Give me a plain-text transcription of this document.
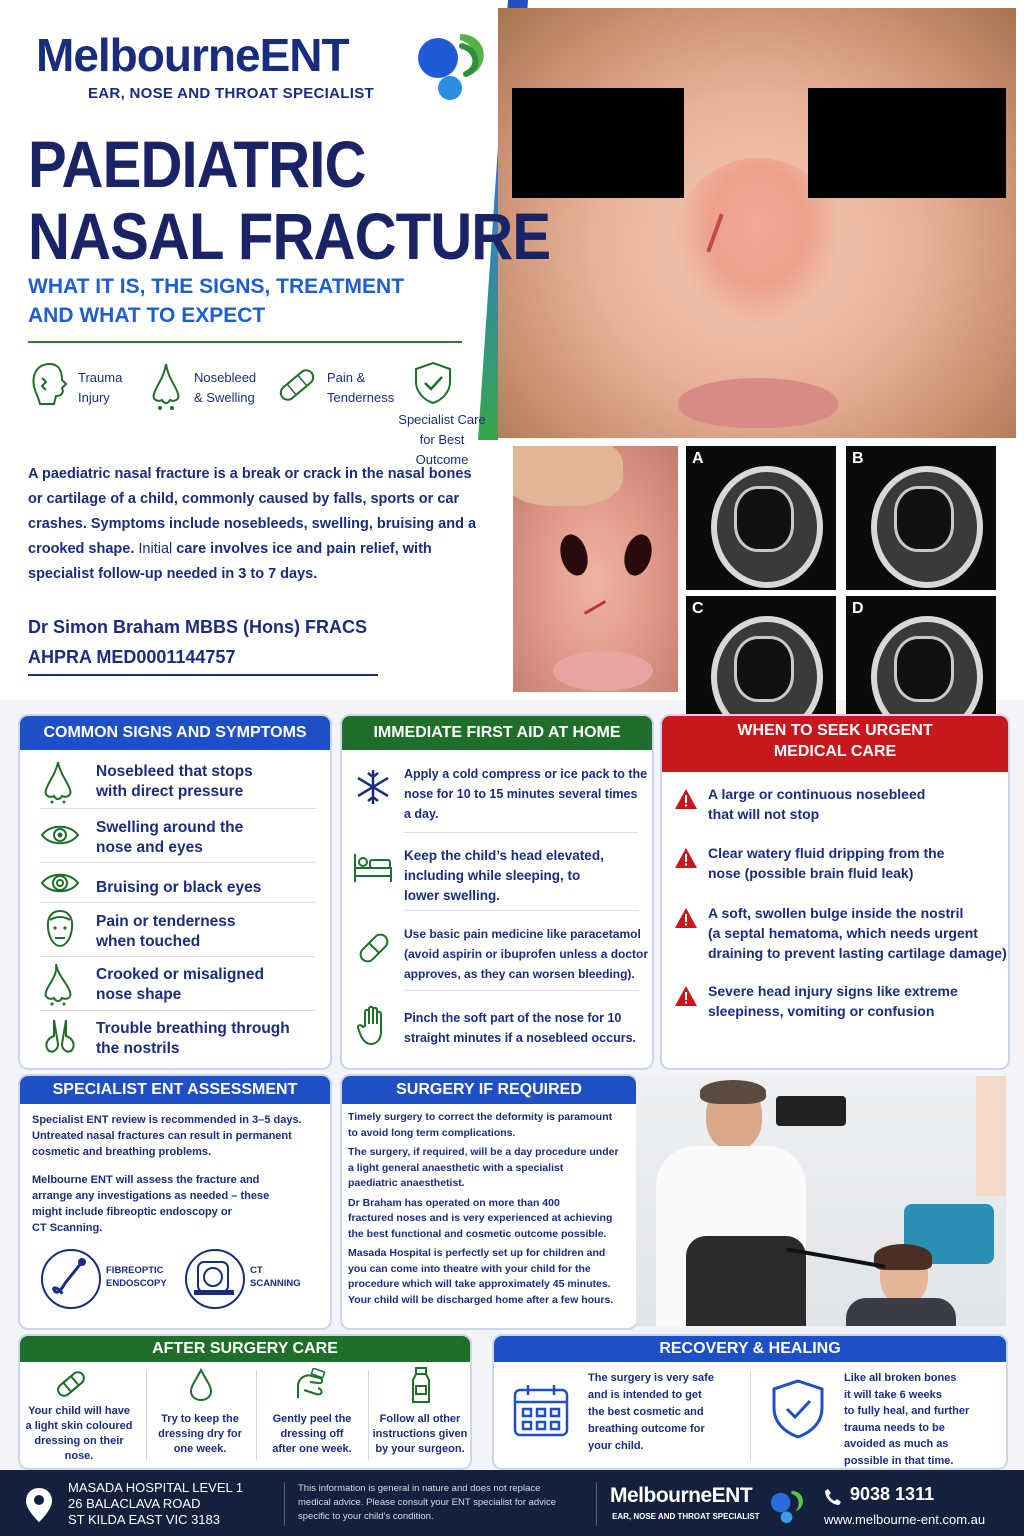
MelbourneENT
EAR, NOSE AND THROAT SPECIALIST
PAEDIATRIC
NASAL FRACTURE
WHAT IT IS, THE SIGNS, TREATMENT
AND WHAT TO EXPECT
Trauma
Injury
Nosebleed
& Swelling
Pain &
Tenderness
Specialist Care
for Best Outcome
A paediatric nasal fracture is a break or crack in the nasal bones or cartilage of a child, commonly caused by falls, sports or car crashes. Symptoms include nosebleeds, swelling, bruising and a crooked shape. Initial care involves ice and pain relief, with specialist follow-up needed in 3 to 7 days.
Dr Simon Braham MBBS (Hons) FRACS
AHPRA MED0001144757
A	B
C	D
COMMON SIGNS AND SYMPTOMS
Nosebleed that stops
with direct pressure
Swelling around the
nose and eyes
Bruising or black eyes
Pain or tenderness
when touched
Crooked or misaligned
nose shape
Trouble breathing through
the nostrils
IMMEDIATE FIRST AID AT HOME
Apply a cold compress or ice pack to the
nose for 10 to 15 minutes several times
a day.
Keep the child’s head elevated,
including while sleeping, to
lower swelling.
Use basic pain medicine like paracetamol
(avoid aspirin or ibuprofen unless a doctor
approves, as they can worsen bleeding).
Pinch the soft part of the nose for 10
straight minutes if a nosebleed occurs.
WHEN TO SEEK URGENT
MEDICAL CARE
A large or continuous nosebleed
that will not stop
Clear watery fluid dripping from the
nose (possible brain fluid leak)
A soft, swollen bulge inside the nostril
(a septal hematoma, which needs urgent
draining to prevent lasting cartilage damage)
Severe head injury signs like extreme
sleepiness, vomiting or confusion
SPECIALIST ENT ASSESSMENT
Specialist ENT review is recommended in 3–5 days.
Untreated nasal fractures can result in permanent
cosmetic and breathing problems.
Melbourne ENT will assess the fracture and
arrange any investigations as needed – these
might include fibreoptic endoscopy or
CT Scanning.
FIBREOPTIC
ENDOSCOPY
CT
SCANNING
SURGERY IF REQUIRED
Timely surgery to correct the deformity is paramount
to avoid long term complications.
The surgery, if required, will be a day procedure under
a light general anaesthetic with a specialist
paediatric anaesthetist.
Dr Braham has operated on more than 400
fractured noses and is very experienced at achieving
the best functional and cosmetic outcome possible.
Masada Hospital is perfectly set up for children and
you can come into theatre with your child for the
procedure which will take approximately 45 minutes.
Your child will be discharged home after a few hours.
AFTER SURGERY CARE
Your child will have
a light skin coloured
dressing on their
nose.
Try to keep the
dressing dry for
one week.
Gently peel the
dressing off
after one week.
Follow all other
instructions given
by your surgeon.
RECOVERY & HEALING
The surgery is very safe
and is intended to get
the best cosmetic and
breathing outcome for
your child.
Like all broken bones
it will take 6 weeks
to fully heal, and further
trauma needs to be
avoided as much as
possible in that time.
MASADA HOSPITAL LEVEL 1
26 BALACLAVA ROAD
ST KILDA EAST VIC 3183
This information is general in nature and does not replace
medical advice. Please consult your ENT specialist for advice
specific to your child’s condition.
MelbourneENT
EAR, NOSE AND THROAT SPECIALIST
9038 1311
www.melbourne-ent.com.au
